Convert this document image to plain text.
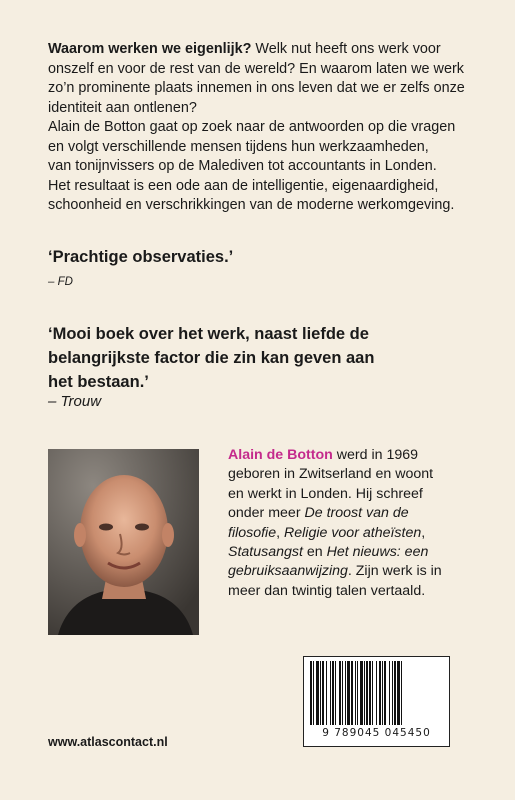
Waarom werken we eigenlijk? Welk nut heeft ons werk voor
onszelf en voor de rest van de wereld? En waarom laten we werk
zo’n prominente plaats innemen in ons leven dat we er zelfs onze
identiteit aan ontlenen?
Alain de Botton gaat op zoek naar de antwoorden op die vragen
en volgt verschillende mensen tijdens hun werkzaamheden,
van tonijnvissers op de Malediven tot accountants in Londen.
Het resultaat is een ode aan de intelligentie, eigenaardigheid,
schoonheid en verschrikkingen van de moderne werkomgeving.
‘Prachtige observaties.’
– FD
‘Mooi boek over het werk, naast liefde de
belangrijkste factor die zin kan geven aan
het bestaan.’
– Trouw
Alain de Botton werd in 1969
geboren in Zwitserland en woont
en werkt in Londen. Hij schreef
onder meer De troost van de
filosofie, Religie voor atheïsten,
Statusangst en Het nieuws: een
gebruiksaanwijzing. Zijn werk is in
meer dan twintig talen vertaald.
www.atlascontact.nl
9 789045 045450
